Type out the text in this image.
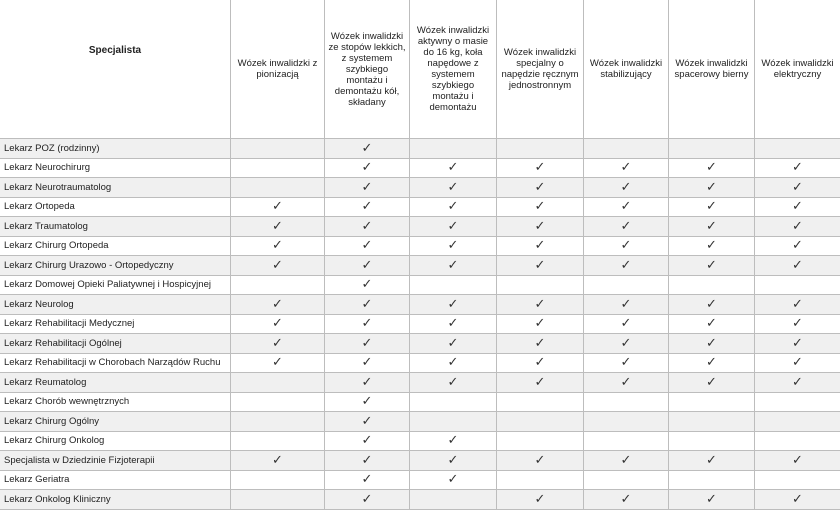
Specjalista	Wózek inwalidzki z pionizacją	Wózek inwalidzki ze stopów lekkich, z systemem szybkiego montażu i demontażu kół, składany	Wózek inwalidzki aktywny o masie do 16 kg, koła napędowe z systemem szybkiego montażu i demontażu	Wózek inwalidzki specjalny o napędzie ręcznym jednostronnym	Wózek inwalidzki stabilizujący	Wózek inwalidzki spacerowy bierny	Wózek inwalidzki elektryczny
Lekarz POZ (rodzinny)		✓					
Lekarz Neurochirurg		✓	✓	✓	✓	✓	✓
Lekarz Neurotraumatolog		✓	✓	✓	✓	✓	✓
Lekarz Ortopeda	✓	✓	✓	✓	✓	✓	✓
Lekarz Traumatolog	✓	✓	✓	✓	✓	✓	✓
Lekarz Chirurg Ortopeda	✓	✓	✓	✓	✓	✓	✓
Lekarz Chirurg Urazowo - Ortopedyczny	✓	✓	✓	✓	✓	✓	✓
Lekarz Domowej Opieki Paliatywnej i Hospicyjnej		✓					
Lekarz Neurolog	✓	✓	✓	✓	✓	✓	✓
Lekarz Rehabilitacji Medycznej	✓	✓	✓	✓	✓	✓	✓
Lekarz Rehabilitacji Ogólnej	✓	✓	✓	✓	✓	✓	✓
Lekarz Rehabilitacji w Chorobach Narządów Ruchu	✓	✓	✓	✓	✓	✓	✓
Lekarz Reumatolog		✓	✓	✓	✓	✓	✓
Lekarz Chorób wewnętrznych		✓					
Lekarz Chirurg Ogólny		✓					
Lekarz Chirurg Onkolog		✓	✓				
Specjalista w Dziedzinie Fizjoterapii	✓	✓	✓	✓	✓	✓	✓
Lekarz Geriatra		✓	✓				
Lekarz Onkolog Kliniczny		✓		✓	✓	✓	✓
